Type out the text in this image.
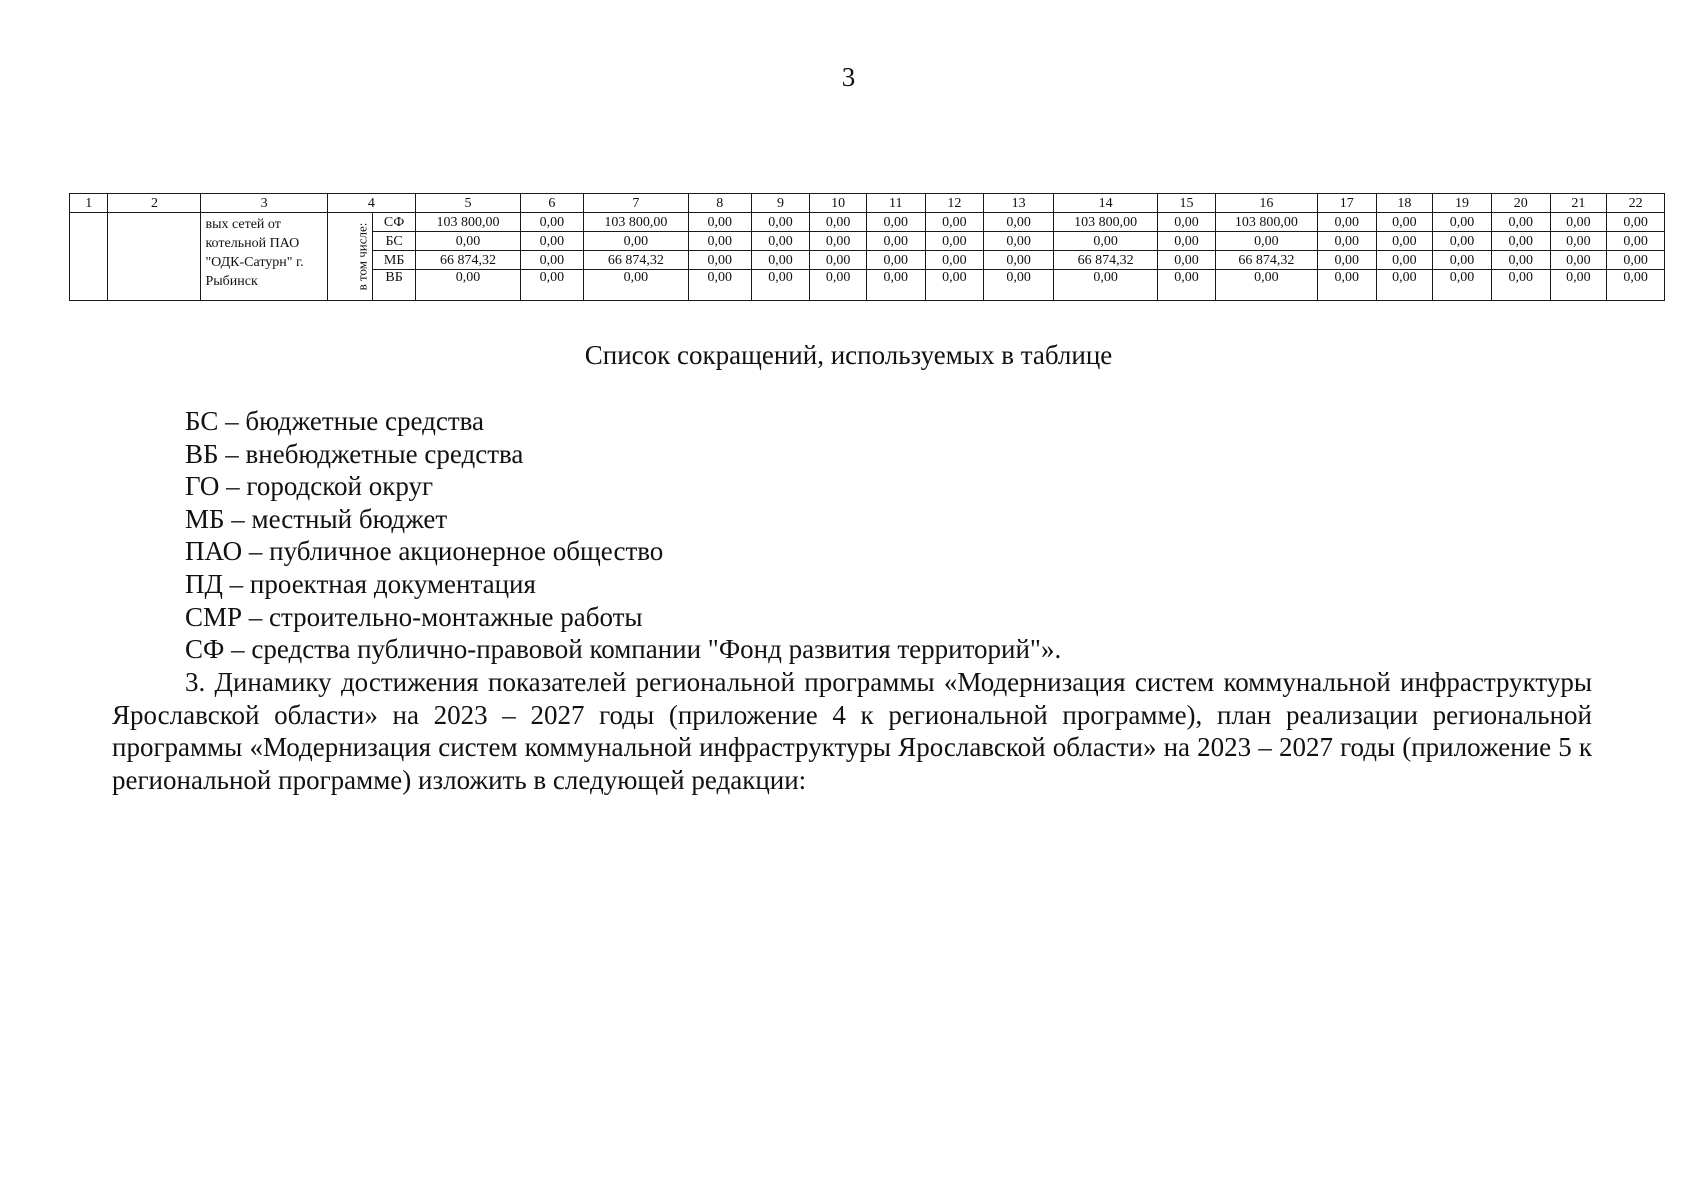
3
1	2	3	4		5	6	7	8	9	10	11	12	13	14	15	16	17	18	19	20	21	22
		вых сетей от котельной ПАО "ОДК-Сатурн" г. Рыбинск	в том числе:	СФ	103 800,00	0,00	103 800,00	0,00	0,00	0,00	0,00	0,00	0,00	103 800,00	0,00	103 800,00	0,00	0,00	0,00	0,00	0,00	0,00
				БС	0,00	0,00	0,00	0,00	0,00	0,00	0,00	0,00	0,00	0,00	0,00	0,00	0,00	0,00	0,00	0,00	0,00	0,00
				МБ	66 874,32	0,00	66 874,32	0,00	0,00	0,00	0,00	0,00	0,00	66 874,32	0,00	66 874,32	0,00	0,00	0,00	0,00	0,00	0,00
				ВБ	0,00	0,00	0,00	0,00	0,00	0,00	0,00	0,00	0,00	0,00	0,00	0,00	0,00	0,00	0,00	0,00	0,00	0,00
Список сокращений, используемых в таблице
БС – бюджетные средства
ВБ – внебюджетные средства
ГО – городской округ
МБ – местный бюджет
ПАО – публичное акционерное общество
ПД – проектная документация
СМР – строительно-монтажные работы
СФ – средства публично-правовой компании "Фонд развития территорий"».
3. Динамику достижения показателей региональной программы «Модернизация систем коммунальной инфраструктуры Ярославской области» на 2023 – 2027 годы (приложение 4 к региональной программе), план реализации региональной программы «Модернизация систем коммунальной инфраструктуры Ярославской области» на 2023 – 2027 годы (приложение 5 к региональной программе) изложить в следующей редакции:
